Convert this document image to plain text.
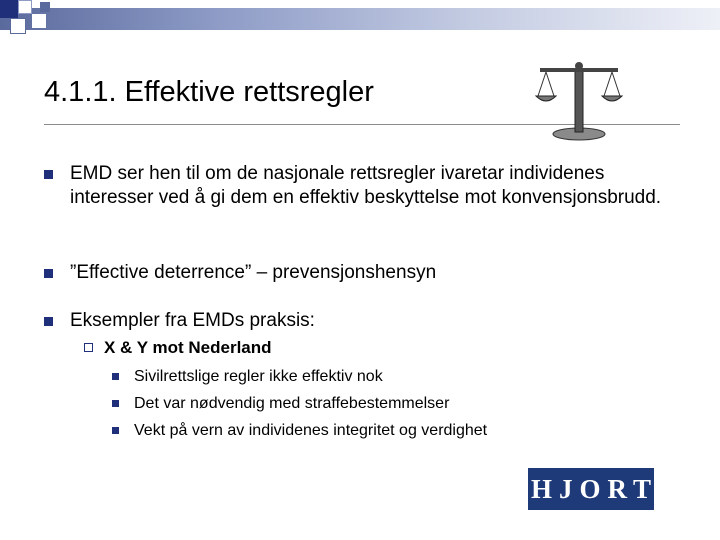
4.1.1. Effektive rettsregler
EMD ser hen til om de nasjonale rettsregler ivaretar individenes interesser ved å gi dem en effektiv beskyttelse mot konvensjonsbrudd.
”Effective deterrence” – prevensjonshensyn
Eksempler fra EMDs praksis:
X & Y mot Nederland
Sivilrettslige regler ikke effektiv nok
Det var nødvendig med straffebestemmelser
Vekt på vern av individenes integritet og verdighet
HJORT
